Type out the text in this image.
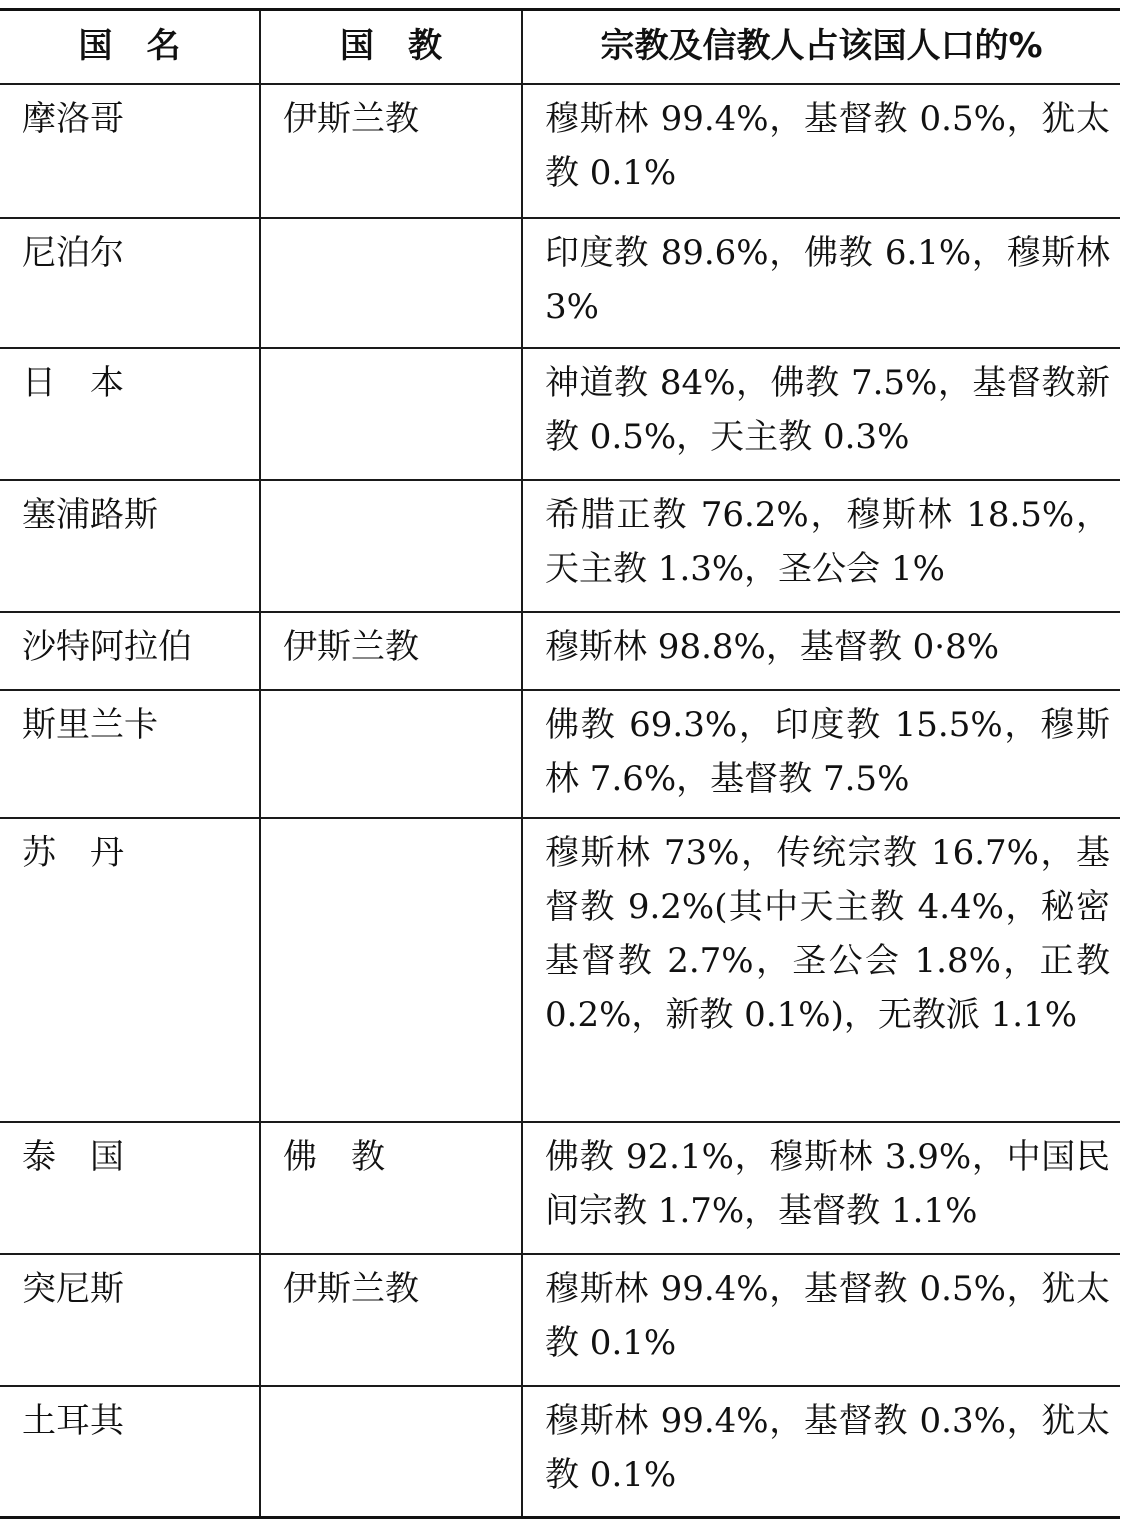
国　名	国　教	宗教及信教人占该国人口的%
摩洛哥	伊斯兰教	穆斯林 99.4%，基督教 0.5%，犹太教 0.1%
尼泊尔		印度教 89.6%，佛教 6.1%，穆斯林 3%
日　本		神道教 84%，佛教 7.5%，基督教新教 0.5%，天主教 0.3%
塞浦路斯		希腊正教 76.2%，穆斯林 18.5%，天主教 1.3%，圣公会 1%
沙特阿拉伯	伊斯兰教	穆斯林 98.8%，基督教 0·8%
斯里兰卡		佛教 69.3%，印度教 15.5%，穆斯林 7.6%，基督教 7.5%
苏　丹		穆斯林 73%，传统宗教 16.7%，基督教 9.2%(其中天主教 4.4%，秘密基督教 2.7%，圣公会 1.8%，正教 0.2%，新教 0.1%)，无教派 1.1%
泰　国	佛　教	佛教 92.1%，穆斯林 3.9%，中国民间宗教 1.7%，基督教 1.1%
突尼斯	伊斯兰教	穆斯林 99.4%，基督教 0.5%，犹太教 0.1%
土耳其		穆斯林 99.4%，基督教 0.3%，犹太教 0.1%
